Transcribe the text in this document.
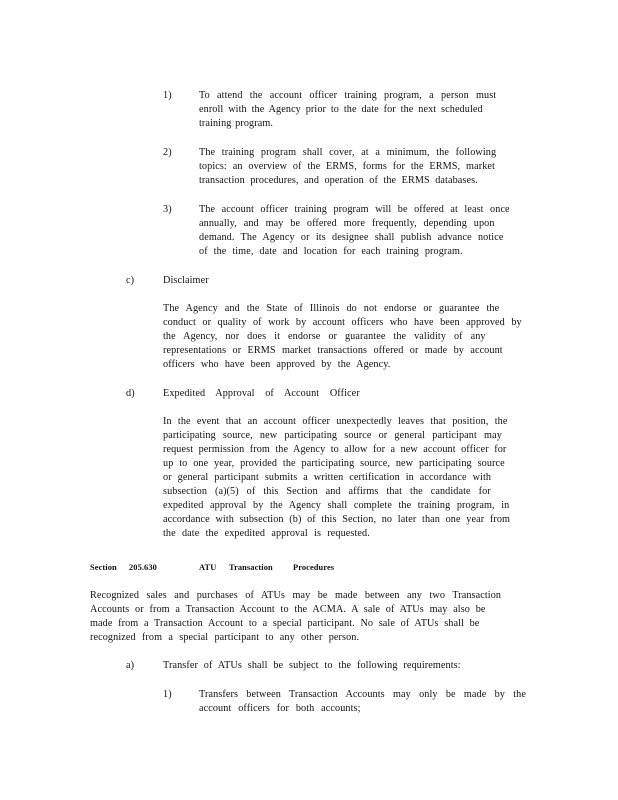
1)	To attend the account officer training program, a person must
enroll with the Agency prior to the date for the next scheduled
training program.
2)	The training program shall cover, at a minimum, the following
topics: an overview of the ERMS, forms for the ERMS, market
transaction procedures, and operation of the ERMS databases.
3)	The account officer training program will be offered at least once
annually, and may be offered more frequently, depending upon
demand. The Agency or its designee shall publish advance notice
of the time, date and location for each training program.
c)	Disclaimer
The Agency and the State of Illinois do not endorse or guarantee the
conduct or quality of work by account officers who have been approved by
the Agency, nor does it endorse or guarantee the validity of any
representations or ERMS market transactions offered or made by account
officers who have been approved by the Agency.
d)	Expedited Approval of Account Officer
In the event that an account officer unexpectedly leaves that position, the
participating source, new participating source or general participant may
request permission from the Agency to allow for a new account officer for
up to one year, provided the participating source, new participating source
or general participant submits a written certification in accordance with
subsection (a)(5) of this Section and affirms that the candidate for
expedited approval by the Agency shall complete the training program, in
accordance with subsection (b) of this Section, no later than one year from
the date the expedited approval is requested.
Section 205.630	ATU Transaction Procedures
Recognized sales and purchases of ATUs may be made between any two Transaction
Accounts or from a Transaction Account to the ACMA. A sale of ATUs may also be
made from a Transaction Account to a special participant. No sale of ATUs shall be
recognized from a special participant to any other person.
a)	Transfer of ATUs shall be subject to the following requirements:
1)	Transfers between Transaction Accounts may only be made by the
account officers for both accounts;
